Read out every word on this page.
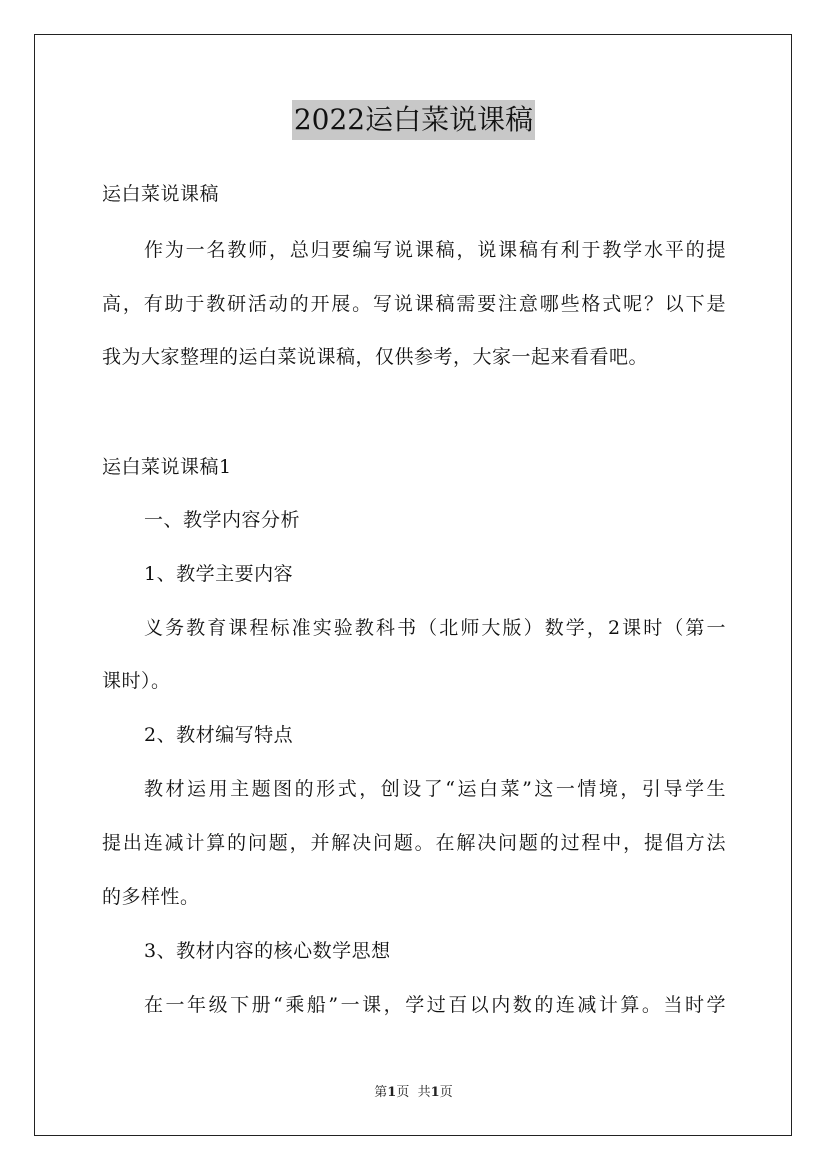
2022运白菜说课稿
运白菜说课稿
作为一名教师，总归要编写说课稿，说课稿有利于教学水平的提
高，有助于教研活动的开展。写说课稿需要注意哪些格式呢？以下是
我为大家整理的运白菜说课稿，仅供参考，大家一起来看看吧。
运白菜说课稿1
一、教学内容分析
1、教学主要内容
义务教育课程标准实验教科书（北师大版）数学，2课时（第一
课时）。
2、教材编写特点
教材运用主题图的形式，创设了“运白菜”这一情境，引导学生
提出连减计算的问题，并解决问题。在解决问题的过程中，提倡方法
的多样性。
3、教材内容的核心数学思想
在一年级下册“乘船”一课，学过百以内数的连减计算。当时学
第1页 共1页
